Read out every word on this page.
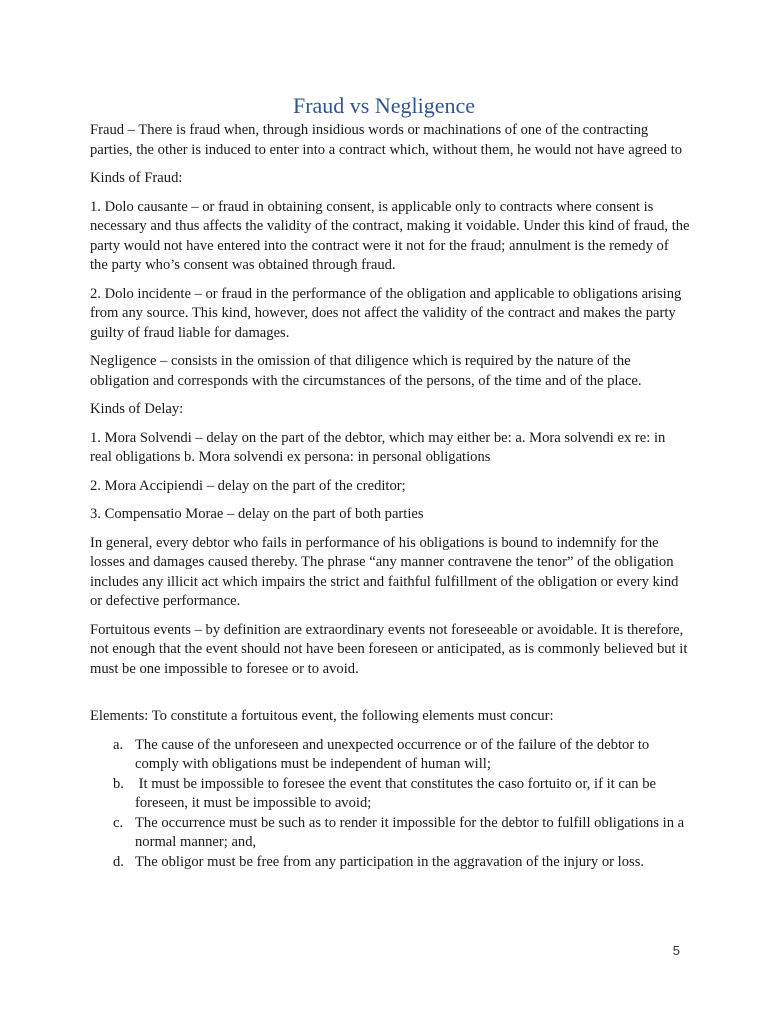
Fraud vs Negligence

Fraud – There is fraud when, through insidious words or machinations of one of the contracting parties, the other is induced to enter into a contract which, without them, he would not have agreed to

Kinds of Fraud:

1. Dolo causante – or fraud in obtaining consent, is applicable only to contracts where consent is necessary and thus affects the validity of the contract, making it voidable. Under this kind of fraud, the party would not have entered into the contract were it not for the fraud; annulment is the remedy of the party who’s consent was obtained through fraud.

2. Dolo incidente – or fraud in the performance of the obligation and applicable to obligations arising from any source. This kind, however, does not affect the validity of the contract and makes the party guilty of fraud liable for damages.

Negligence – consists in the omission of that diligence which is required by the nature of the obligation and corresponds with the circumstances of the persons, of the time and of the place.

Kinds of Delay:

1. Mora Solvendi – delay on the part of the debtor, which may either be: a. Mora solvendi ex re: in real obligations b. Mora solvendi ex persona: in personal obligations

2. Mora Accipiendi – delay on the part of the creditor;

3. Compensatio Morae – delay on the part of both parties

In general, every debtor who fails in performance of his obligations is bound to indemnify for the losses and damages caused thereby. The phrase “any manner contravene the tenor” of the obligation includes any illicit act which impairs the strict and faithful fulfillment of the obligation or every kind or defective performance.

Fortuitous events – by definition are extraordinary events not foreseeable or avoidable. It is therefore, not enough that the event should not have been foreseen or anticipated, as is commonly believed but it must be one impossible to foresee or to avoid.

Elements: To constitute a fortuitous event, the following elements must concur:

a. The cause of the unforeseen and unexpected occurrence or of the failure of the debtor to comply with obligations must be independent of human will;
b. It must be impossible to foresee the event that constitutes the caso fortuito or, if it can be foreseen, it must be impossible to avoid;
c. The occurrence must be such as to render it impossible for the debtor to fulfill obligations in a normal manner; and,
d. The obligor must be free from any participation in the aggravation of the injury or loss.
5
